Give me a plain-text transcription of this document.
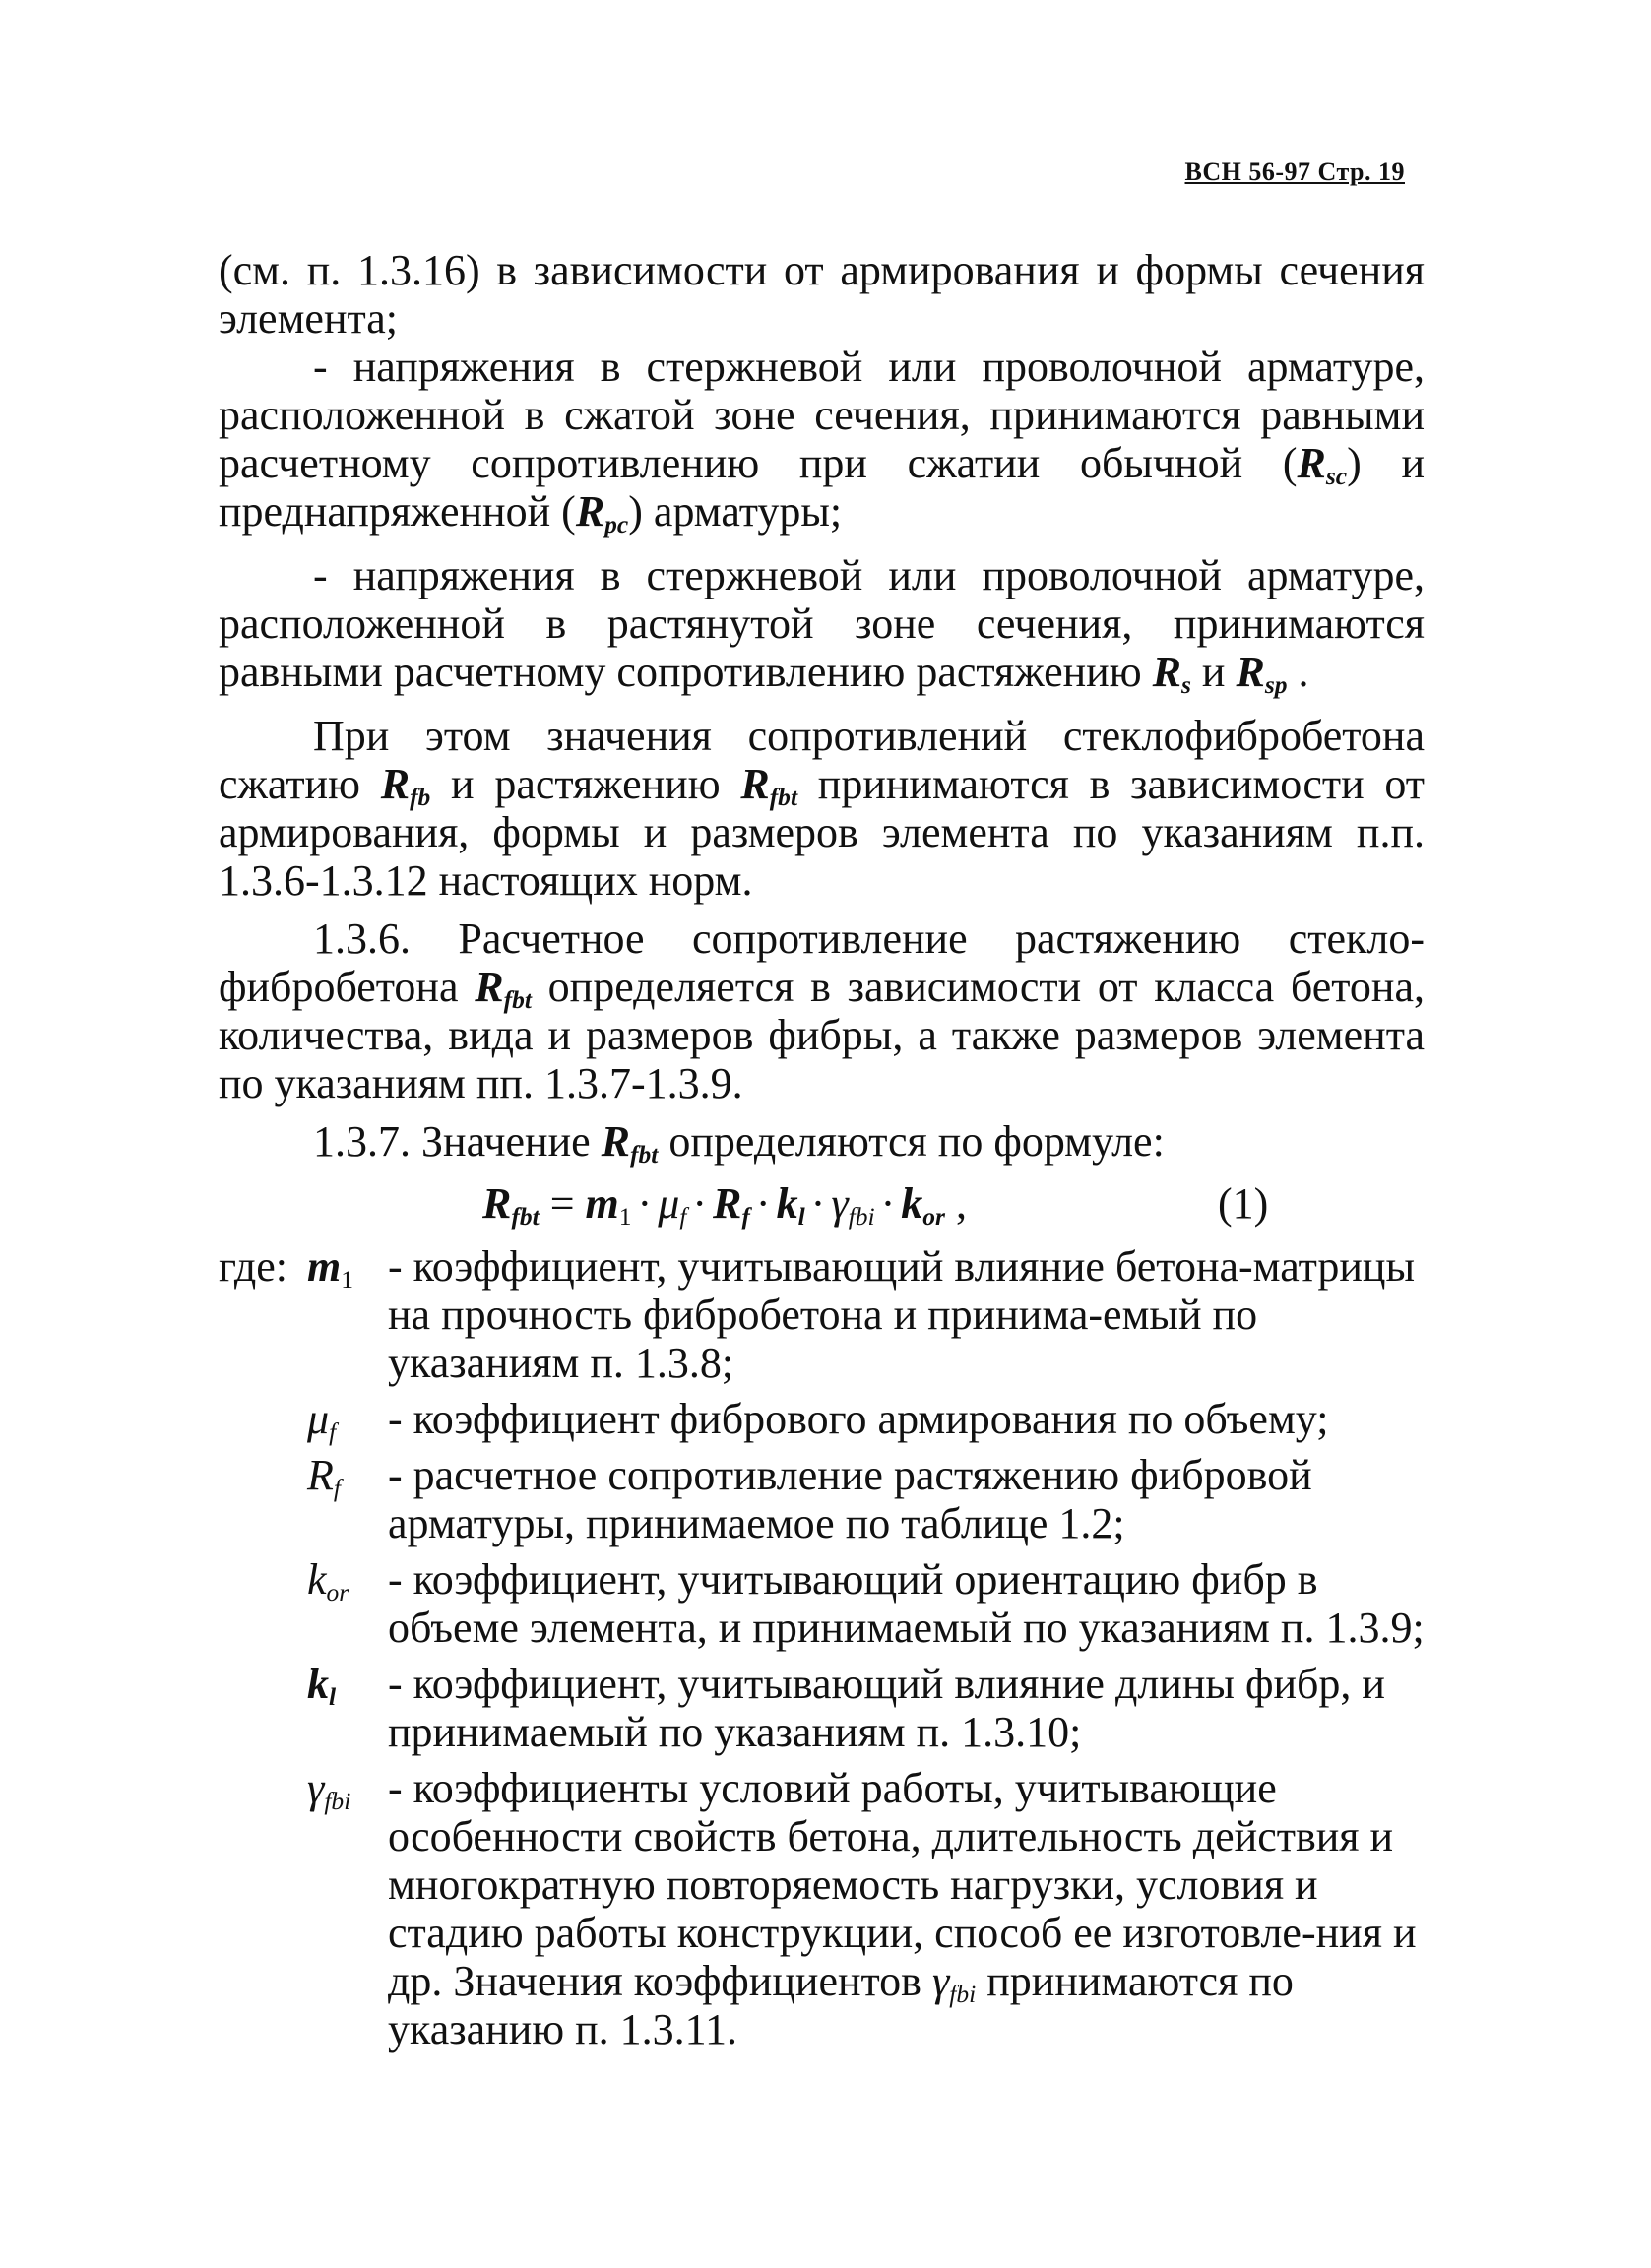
ВСН 56-97 Стр. 19

(см. п. 1.3.16) в зависимости от армирования и формы сечения элемента;

- напряжения в стержневой или проволочной арматуре, расположенной в сжатой зоне сечения, принимаются равными расчетному сопротивлению при сжатии обычной $(R_{sc})$ и преднапряженной $(R_{pc})$ арматуры;

- напряжения в стержневой или проволочной арматуре, расположенной в растянутой зоне сечения, принимаются равными расчетному сопротивлению растяжению $R_s$ и $R_{sp}$ .

При этом значения сопротивлений стеклофибробетона сжатию $R_{fb}$ и растяжению $R_{fbt}$ принимаются в зависимости от армирования, формы и размеров элемента по указаниям п.п. 1.3.6-1.3.12 настоящих норм.

1.3.6. Расчетное сопротивление растяжению стекло-фибробетона $R_{fbt}$ определяется в зависимости от класса бетона, количества, вида и размеров фибры, а также размеров элемента по указаниям пп. 1.3.7-1.3.9.

1.3.7. Значение $R_{fbt}$ определяются по формуле:

$R_{fbt} = m_1 \cdot \mu_f \cdot R_f \cdot k_l \cdot \gamma_{fbi} \cdot k_{or}$ ,	(1)
где: $m_1$ - коэффициент, учитывающий влияние бетона-матрицы на прочность фибробетона и принима-емый по указаниям п. 1.3.8;
$\mu_f$	- коэффициент фибрового армирования по объему;
$R_f$	- расчетное сопротивление растяжению фибровой арматуры, принимаемое по таблице 1.2;
$k_{or}$ - коэффициент, учитывающий ориентацию фибр в объеме элемента, и принимаемый по указаниям п. 1.3.9;
$k_l$	- коэффициент, учитывающий влияние длины фибр, и принимаемый по указаниям п. 1.3.10;
$\gamma_{fbi}$ - коэффициенты условий работы, учитывающие особенности свойств бетона, длительность действия и многократную повторяемость нагрузки, условия и стадию работы конструкции, способ ее изготовле-ния и др. Значения коэффициентов $\gamma_{fbi}$ принимаются по указанию п. 1.3.11.
